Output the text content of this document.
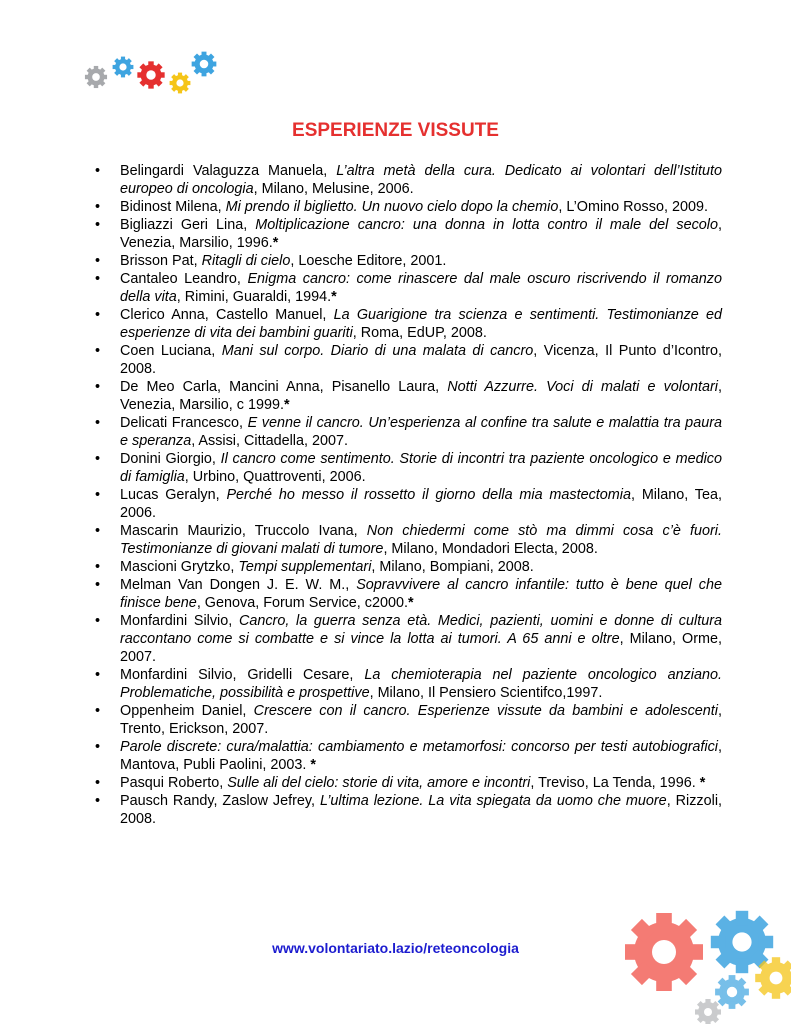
ESPERIENZE VISSUTE
• Belingardi Valaguzza Manuela, L’altra metà della cura. Dedicato ai volontari dell’Istituto europeo di oncologia, Milano, Melusine, 2006.
• Bidinost Milena, Mi prendo il biglietto. Un nuovo cielo dopo la chemio, L’Omino Rosso, 2009.
• Bigliazzi Geri Lina, Moltiplicazione cancro: una donna in lotta contro il male del secolo, Venezia, Marsilio, 1996.*
• Brisson Pat, Ritagli di cielo, Loesche Editore, 2001.
• Cantaleo Leandro, Enigma cancro: come rinascere dal male oscuro riscrivendo il romanzo della vita, Rimini, Guaraldi, 1994.*
• Clerico Anna, Castello Manuel, La Guarigione tra scienza e sentimenti. Testimonianze ed esperienze di vita dei bambini guariti, Roma, EdUP, 2008.
• Coen Luciana, Mani sul corpo. Diario di una malata di cancro, Vicenza, Il Punto d’Icontro, 2008.
• De Meo Carla, Mancini Anna, Pisanello Laura, Notti Azzurre. Voci di malati e volontari, Venezia, Marsilio, c 1999.*
• Delicati Francesco, E venne il cancro. Un’esperienza al confine tra salute e malattia tra paura e speranza, Assisi, Cittadella, 2007.
• Donini Giorgio, Il cancro come sentimento. Storie di incontri tra paziente oncologico e medico di famiglia, Urbino, Quattroventi, 2006.
• Lucas Geralyn, Perché ho messo il rossetto il giorno della mia mastectomia, Milano, Tea, 2006.
• Mascarin Maurizio, Truccolo Ivana, Non chiedermi come stò ma dimmi cosa c’è fuori. Testimonianze di giovani malati di tumore, Milano, Mondadori Electa, 2008.
• Mascioni Grytzko, Tempi supplementari, Milano, Bompiani, 2008.
• Melman Van Dongen J. E. W. M., Sopravvivere al cancro infantile: tutto è bene quel che finisce bene, Genova, Forum Service, c2000.*
• Monfardini Silvio, Cancro, la guerra senza età. Medici, pazienti, uomini e donne di cultura raccontano come si combatte e si vince la lotta ai tumori. A 65 anni e oltre, Milano, Orme, 2007.
• Monfardini Silvio, Gridelli Cesare, La chemioterapia nel paziente oncologico anziano. Problematiche, possibilità e prospettive, Milano, Il Pensiero Scientifco,1997.
• Oppenheim Daniel, Crescere con il cancro. Esperienze vissute da bambini e adolescenti, Trento, Erickson, 2007.
• Parole discrete: cura/malattia: cambiamento e metamorfosi: concorso per testi autobiografici, Mantova, Publi Paolini, 2003. *
• Pasqui Roberto, Sulle ali del cielo: storie di vita, amore e incontri, Treviso, La Tenda, 1996. *
• Pausch Randy, Zaslow Jefrey, L’ultima lezione. La vita spiegata da uomo che muore, Rizzoli, 2008.
www.volontariato.lazio/reteoncologia
